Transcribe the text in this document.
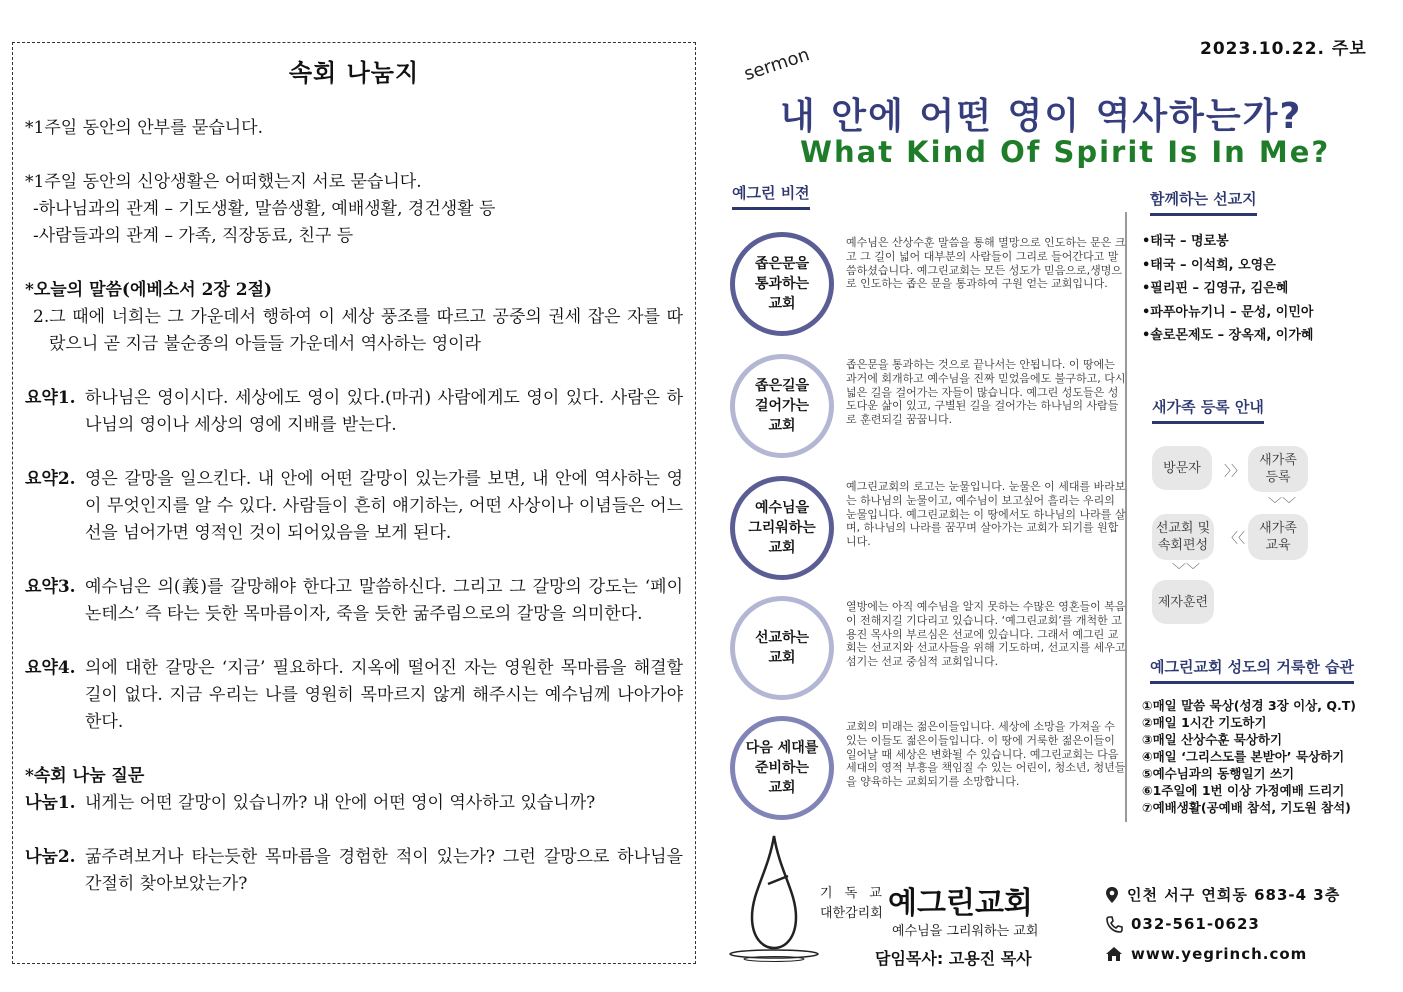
속회 나눔지

*1주일 동안의 안부를 묻습니다.

*1주일 동안의 신앙생활은 어떠했는지 서로 묻습니다.

-하나님과의 관계 – 기도생활, 말씀생활, 예배생활, 경건생활 등

-사람들과의 관계 – 가족, 직장동료, 친구 등

*오늘의 말씀(에베소서 2장 2절)

2.그 때에 너희는 그 가운데서 행하여 이 세상 풍조를 따르고 공중의 권세 잡은 자를 따랐으니 곧 지금 불순종의 아들들 가운데서 역사하는 영이라

요약1. 하나님은 영이시다. 세상에도 영이 있다.(마귀) 사람에게도 영이 있다. 사람은 하나님의 영이나 세상의 영에 지배를 받는다.
요약2. 영은 갈망을 일으킨다. 내 안에 어떤 갈망이 있는가를 보면, 내 안에 역사하는 영이 무엇인지를 알 수 있다. 사람들이 흔히 얘기하는, 어떤 사상이나 이념들은 어느 선을 넘어가면 영적인 것이 되어있음을 보게 된다.
요약3. 예수님은 의(義)를 갈망해야 한다고 말씀하신다. 그리고 그 갈망의 강도는 ‘페이논테스’ 즉 타는 듯한 목마름이자, 죽을 듯한 굶주림으로의 갈망을 의미한다.
요약4. 의에 대한 갈망은 ‘지금’ 필요하다. 지옥에 떨어진 자는 영원한 목마름을 해결할 길이 없다. 지금 우리는 나를 영원히 목마르지 않게 해주시는 예수님께 나아가야 한다.

*속회 나눔 질문

나눔1. 내게는 어떤 갈망이 있습니까? 내 안에 어떤 영이 역사하고 있습니까?
나눔2. 굶주려보거나 타는듯한 목마름을 경험한 적이 있는가? 그런 갈망으로 하나님을 간절히 찾아보았는가?
2023.10.22. 주보
sermon
내 안에 어떤 영이 역사하는가?
What Kind Of Spirit Is In Me?
예그린 비젼
좁은문을
통과하는
교회
예수님은 산상수훈 말씀을 통해 멸망으로 인도하는 문은 크고 그 길이 넓어 대부분의 사람들이 그리로 들어간다고 말씀하셨습니다. 예그린교회는 모든 성도가 믿음으로,생명으로 인도하는 좁은 문을 통과하여 구원 얻는 교회입니다.
좁은길을
걸어가는
교회
좁은문을 통과하는 것으로 끝나서는 안됩니다. 이 땅에는 과거에 회개하고 예수님을 진짜 믿었음에도 불구하고, 다시 넓은 길을 걸어가는 자들이 많습니다. 예그린 성도들은 성도다운 삶이 있고, 구별된 길을 걸어가는 하나님의 사람들로 훈련되길 꿈꿉니다.
예수님을
그리워하는
교회
예그린교회의 로고는 눈물입니다. 눈물은 이 세대를 바라보는 하나님의 눈물이고, 예수님이 보고싶어 흘리는 우리의 눈물입니다. 예그린교회는 이 땅에서도 하나님의 나라를 살며, 하나님의 나라를 꿈꾸며 살아가는 교회가 되기를 원합니다.
선교하는
교회
열방에는 아직 예수님을 알지 못하는 수많은 영혼들이 복음이 전해지길 기다리고 있습니다. ‘예그린교회’를 개척한 고용진 목사의 부르심은 선교에 있습니다. 그래서 예그린 교회는 선교지와 선교사들을 위해 기도하며, 선교지를 세우고 섬기는 선교 중심적 교회입니다.
다음 세대를
준비하는
교회
교회의 미래는 젊은이들입니다. 세상에 소망을 가져올 수 있는 이들도 젊은이들입니다. 이 땅에 거룩한 젊은이들이 일어날 때 세상은 변화될 수 있습니다. 예그린교회는 다음 세대의 영적 부흥을 책임질 수 있는 어린이, 청소년, 청년들을 양육하는 교회되기를 소망합니다.
함께하는 선교지
•태국 – 명로봉
•태국 – 이석희, 오영은
•필리핀 – 김영규, 김은혜
•파푸아뉴기니 – 문성, 이민아
•솔로몬제도 – 장옥재, 이가혜
새가족 등록 안내
방문자	〉〉
새가족
등록
﹀﹀
새가족
교육
〈〈
선교회 및
속회편성
﹀﹀
제자훈련
예그린교회 성도의 거룩한 습관
①매일 말씀 묵상(성경 3장 이상, Q.T)
②매일 1시간 기도하기
③매일 산상수훈 묵상하기
④매일 ‘그리스도를 본받아’ 묵상하기
⑤예수님과의 동행일기 쓰기
⑥1주일에 1번 이상 가정예배 드리기
⑦예배생활(공예배 참석, 기도원 참석)
기 독 교
대한감리회 예그린교회
예수님을 그리워하는 교회
담임목사: 고용진 목사
인천 서구 연희동 683-4 3층
032-561-0623
www.yegrinch.com
